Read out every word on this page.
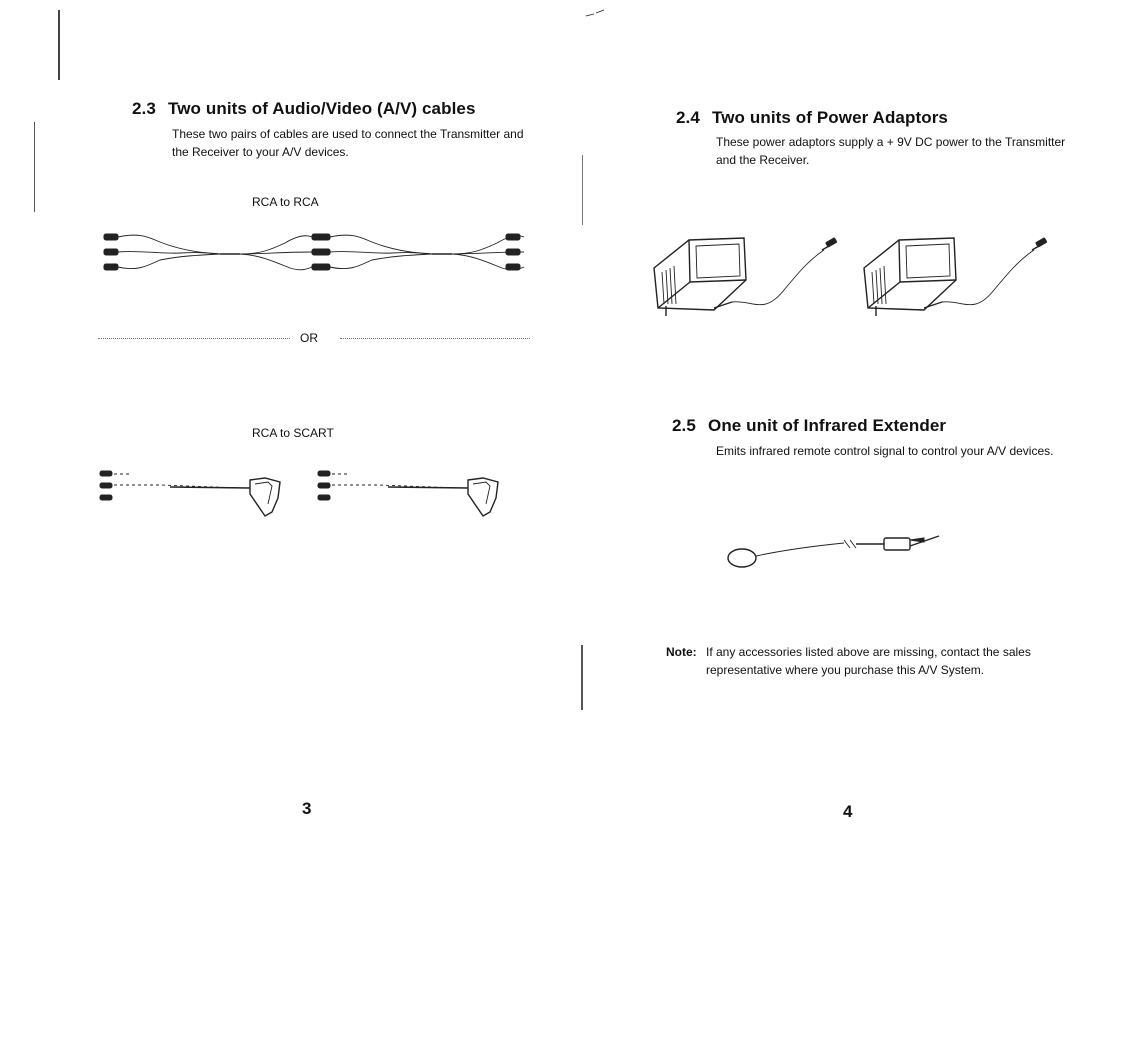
2.3 Two units of Audio/Video (A/V) cables
These two pairs of cables are used to connect the Transmitter and the Receiver to your A/V devices.
RCA to RCA
OR
RCA to SCART
3
2.4 Two units of Power Adaptors
These power adaptors supply a + 9V DC power to the Transmitter and the Receiver.
2.5 One unit of Infrared Extender
Emits infrared remote control signal to control your A/V devices.
Note: If any accessories listed above are missing, contact the sales representative where you purchase this A/V System.
4
